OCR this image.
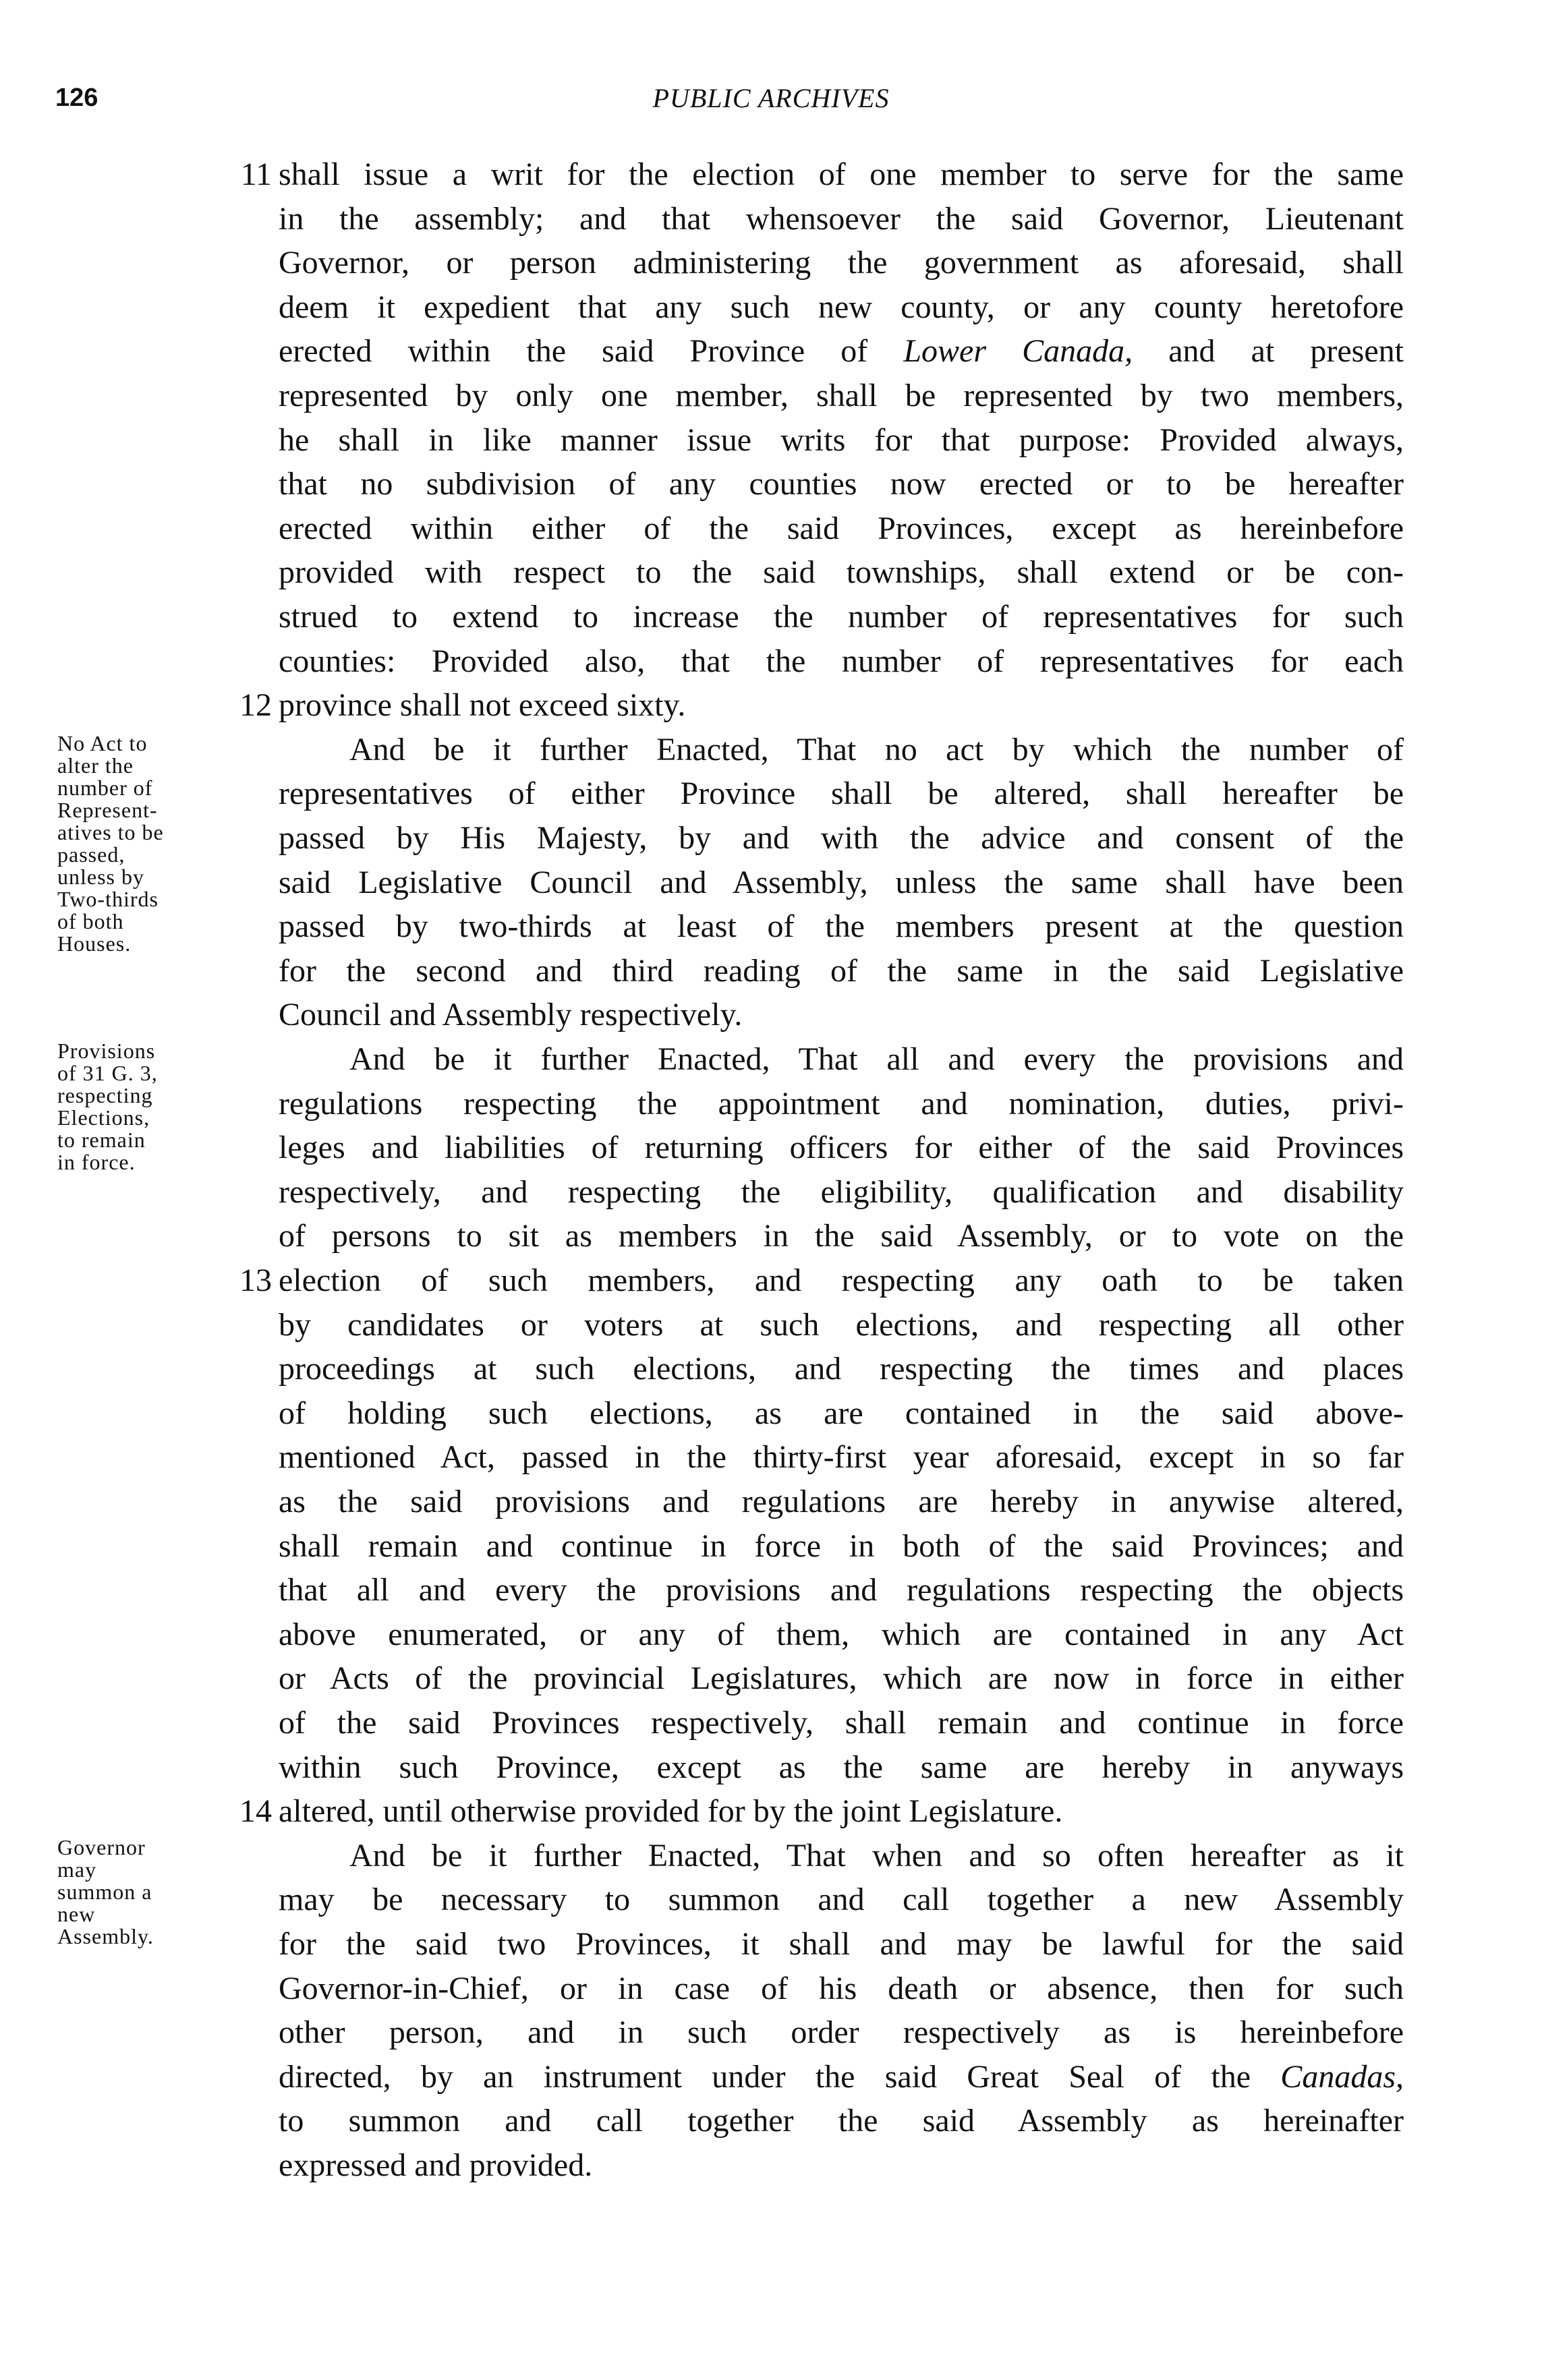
126	PUBLIC ARCHIVES
shall issue a writ for the election of one member to serve for the same
11
in the assembly; and that whensoever the said Governor, Lieutenant
Governor, or person administering the government as aforesaid, shall
deem it expedient that any such new county, or any county heretofore
erected within the said Province of Lower Canada, and at present
represented by only one member, shall be represented by two members,
he shall in like manner issue writs for that purpose: Provided always,
that no subdivision of any counties now erected or to be hereafter
erected within either of the said Provinces, except as hereinbefore
provided with respect to the said townships, shall extend or be con-
strued to extend to increase the number of representatives for such
counties: Provided also, that the number of representatives for each
province shall not exceed sixty.
12
And be it further Enacted, That no act by which the number of
representatives of either Province shall be altered, shall hereafter be
passed by His Majesty, by and with the advice and consent of the
said Legislative Council and Assembly, unless the same shall have been
passed by two-thirds at least of the members present at the question
for the second and third reading of the same in the said Legislative
Council and Assembly respectively.
And be it further Enacted, That all and every the provisions and
regulations respecting the appointment and nomination, duties, privi-
leges and liabilities of returning officers for either of the said Provinces
respectively, and respecting the eligibility, qualification and disability
of persons to sit as members in the said Assembly, or to vote on the
election of such members, and respecting any oath to be taken
13
by candidates or voters at such elections, and respecting all other
proceedings at such elections, and respecting the times and places
of holding such elections, as are contained in the said above-
mentioned Act, passed in the thirty-first year aforesaid, except in so far
as the said provisions and regulations are hereby in anywise altered,
shall remain and continue in force in both of the said Provinces; and
that all and every the provisions and regulations respecting the objects
above enumerated, or any of them, which are contained in any Act
or Acts of the provincial Legislatures, which are now in force in either
of the said Provinces respectively, shall remain and continue in force
within such Province, except as the same are hereby in anyways
altered, until otherwise provided for by the joint Legislature.
14
And be it further Enacted, That when and so often hereafter as it
may be necessary to summon and call together a new Assembly
for the said two Provinces, it shall and may be lawful for the said
Governor-in-Chief, or in case of his death or absence, then for such
other person, and in such order respectively as is hereinbefore
directed, by an instrument under the said Great Seal of the Canadas,
to summon and call together the said Assembly as hereinafter
expressed and provided.
No Act to
alter the
number of
Represent-
atives to be
passed,
unless by
Two-thirds
of both
Houses.
Provisions
of 31 G. 3,
respecting
Elections,
to remain
in force.
Governor
may
summon a
new
Assembly.
